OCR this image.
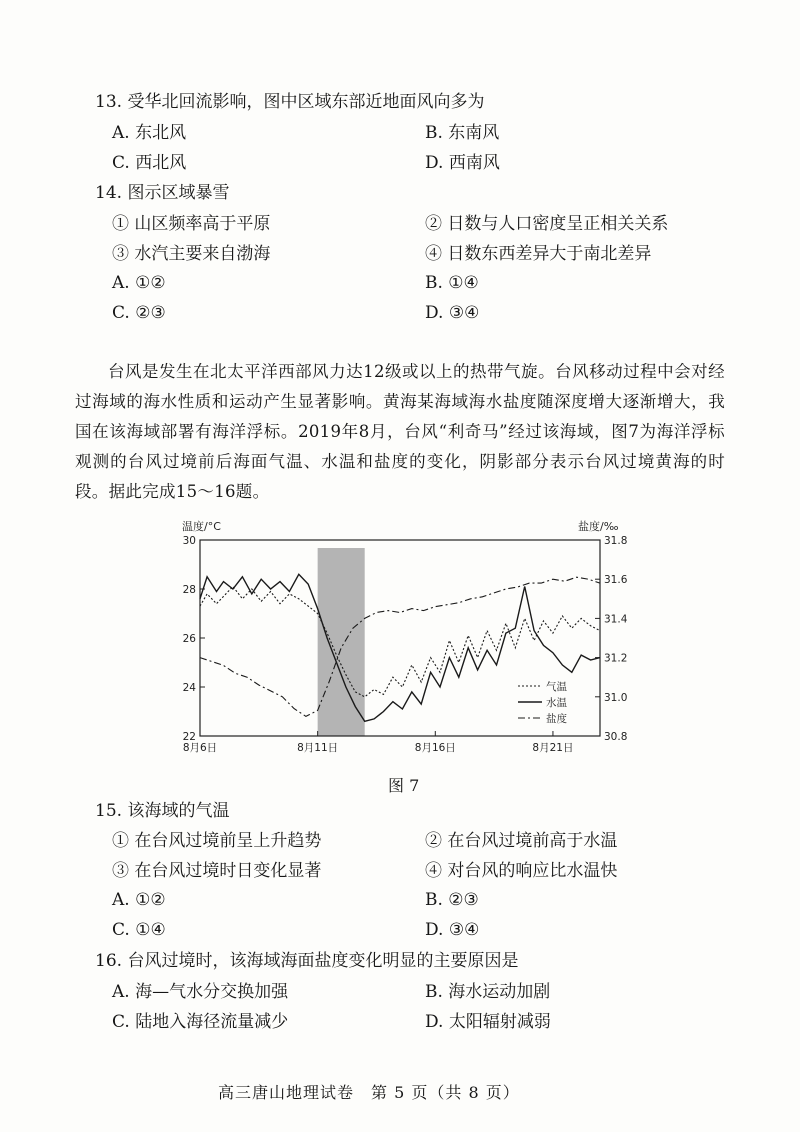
13. 受华北回流影响，图中区域东部近地面风向多为
A. 东北风	B. 东南风
C. 西北风	D. 西南风
14. 图示区域暴雪
① 山区频率高于平原	② 日数与人口密度呈正相关关系
③ 水汽主要来自渤海	④ 日数东西差异大于南北差异
A. ①②	B. ①④
C. ②③	D. ③④

台风是发生在北太平洋西部风力达12级或以上的热带气旋。台风移动过程中会对经过海域的海水性质和运动产生显著影响。黄海某海域海水盐度随深度增大逐渐增大，我国在该海域部署有海洋浮标。2019年8月，台风“利奇马”经过该海域，图7为海洋浮标观测的台风过境前后海面气温、水温和盐度的变化，阴影部分表示台风过境黄海的时段。据此完成15～16题。

温度/°C	盐度/‰
30
28
26
24
22
31.8
31.6
31.4
31.2
31.0
30.8
8月6日	8月11日	8月16日	8月21日
气温
水温
盐度
图 7
15. 该海域的气温
① 在台风过境前呈上升趋势	② 在台风过境前高于水温
③ 在台风过境时日变化显著	④ 对台风的响应比水温快
A. ①②	B. ②③
C. ①④	D. ③④
16. 台风过境时，该海域海面盐度变化明显的主要原因是
A. 海—气水分交换加强	B. 海水运动加剧
C. 陆地入海径流量减少	D. 太阳辐射减弱
高三唐山地理试卷　第 5 页（共 8 页）
